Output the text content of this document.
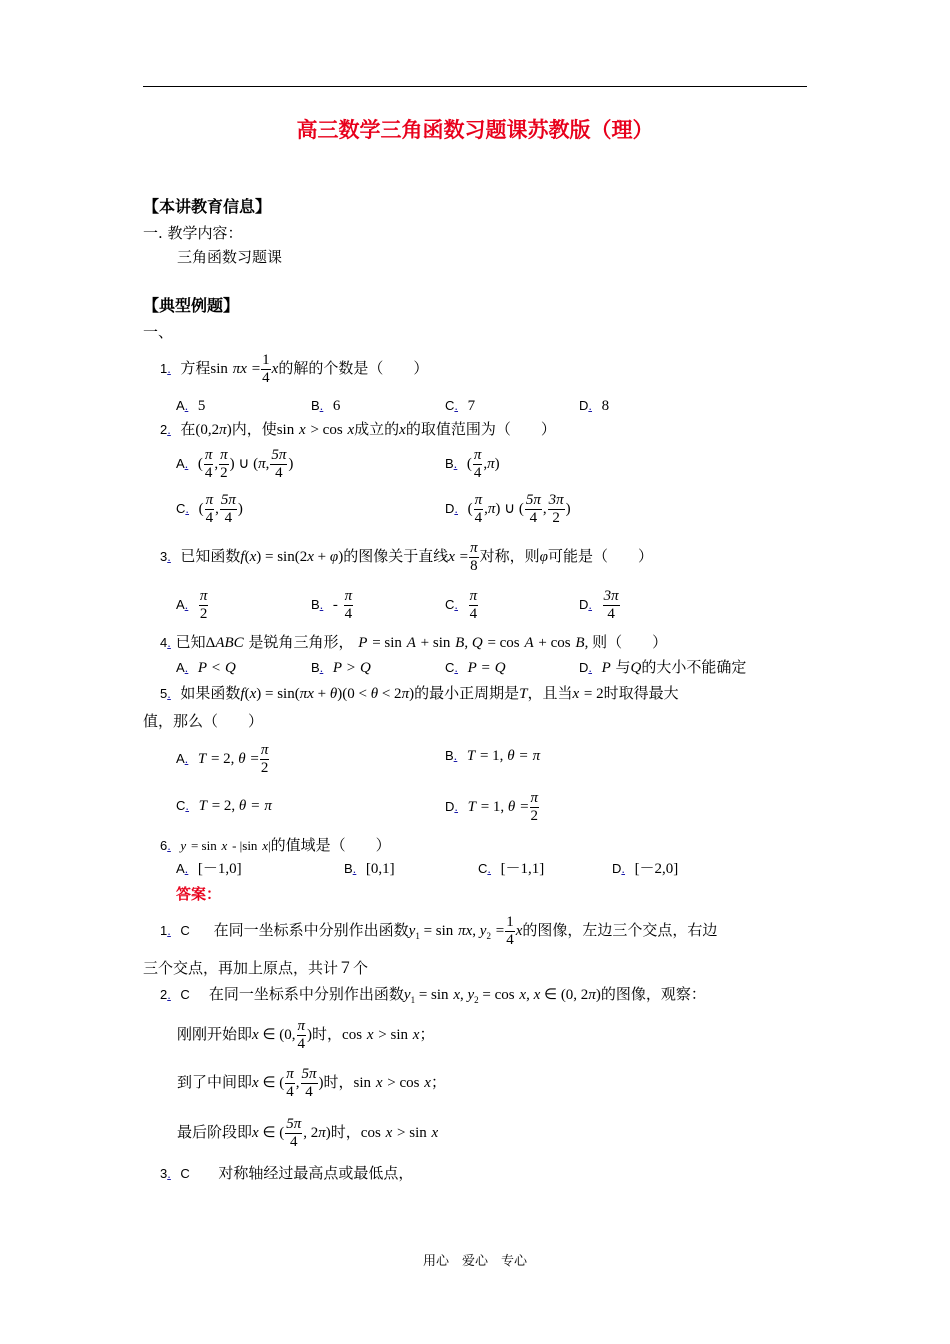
高三数学三角函数习题课苏教版（理）
【本讲教育信息】
一. 教学内容：
三角函数习题课
【典型例题】
一、
1. 方程$\sin \pi x = \frac{1}{4}$ x的解的个数是（　　）
A. 5	B. 6	C. 7	D. 8
2. 在(0,2π)内，使sin x > cos x成立的x的取值范围为（　　）
A. ( $\frac{\pi}{4}$ , $\frac{\pi}{2}$ ) ∪ (π, $\frac{5\pi}{4}$ )	B. ( $\frac{\pi}{4} ,\pi$)
C. ( $\frac{\pi}{4}$ , $\frac{5\pi}{4}$ )	D. ( $\frac{\pi}{4} ,\pi$) ∪ ( $\frac{5\pi}{4}$ , $\frac{3\pi}{2}$ )
3. 已知函数f(x) = sin(2x + φ)的图像关于直线$x = \frac{\pi}{8}$ 对称，则φ可能是（　　）
A. $\frac{\pi}{2}$	B. - $\frac{\pi}{4}$	C. $\frac{\pi}{4}$	D. $\frac{3\pi}{4}$
4. 已知ΔABC 是锐角三角形， P = sin A + sin B, Q = cos A + cos B, 则（　　）
A. P < Q	B. P > Q	C. P = Q	D. P 与Q的大小不能确定
5. 如果函数f(x) = sin(πx + θ)(0 < θ < 2π)的最小正周期是T，且当x = 2时取得最大
值，那么（　　）
A. T = 2, $\theta = \frac{\pi}{2}$	B. T = 1, θ = π
C. T = 2, θ = π	D. T = 1, $\theta = \frac{\pi}{2}$
6. y = sin x - |sin x|的值域是（　　）
A. [－1,0]	B. [0,1]	C. [－1,1]	D. [－2,0]
答案：
1. C 在同一坐标系中分别作出函数$y_1 = \sin \pi x$, $y_2 = \frac{1}{4}$ x的图像，左边三个交点，右边
三个交点，再加上原点，共计７个
2. C 在同一坐标系中分别作出函数$y_1 = \sin x$, $y_2 = \cos x$, x ∈ (0, 2π)的图像，观察：
刚刚开始即x ∈ (0, $\frac{\pi}{4}$ )时，cos x > sin x；
到了中间即x ∈ ( $\frac{\pi}{4}$ , $\frac{5\pi}{4}$ )时，sin x > cos x；
最后阶段即x ∈ ( $\frac{5\pi}{4}$ , 2π)时，cos x > sin x
3. C 对称轴经过最高点或最低点，
用心　爱心　专心
